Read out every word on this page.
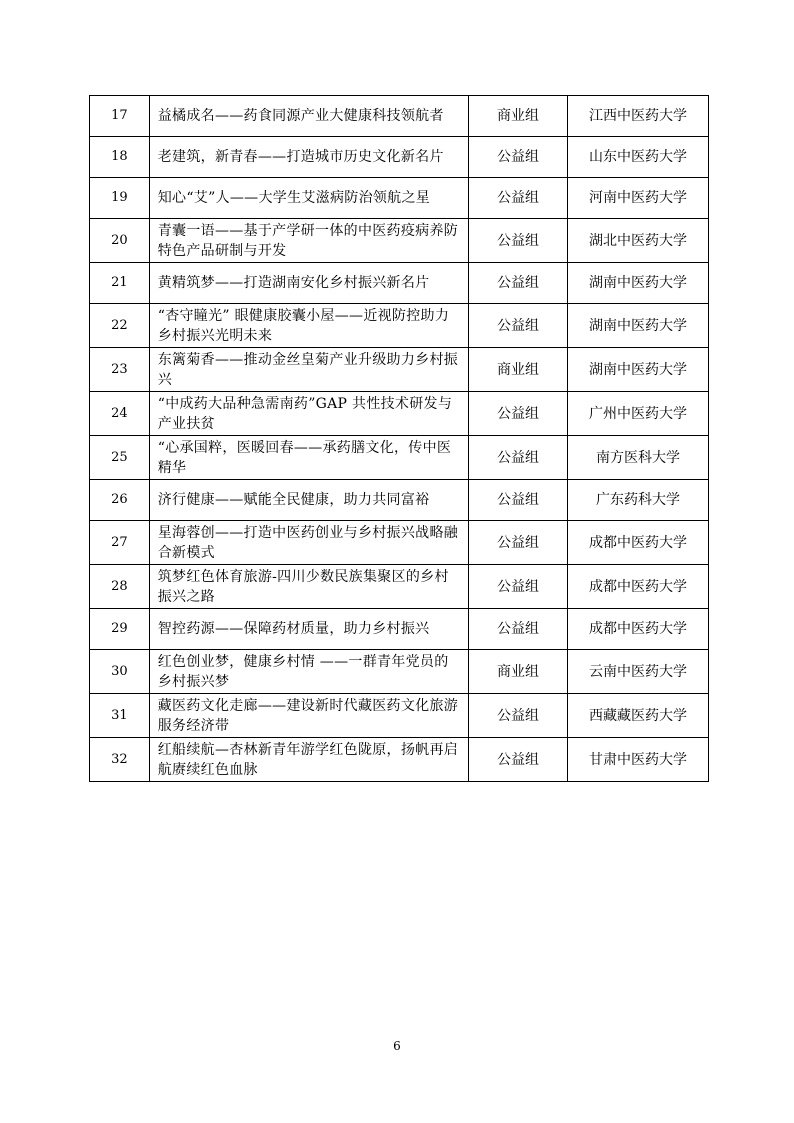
17	益橘成名——药食同源产业大健康科技领航者	商业组	江西中医药大学
18	老建筑，新青春——打造城市历史文化新名片	公益组	山东中医药大学
19	知心“艾”人——大学生艾滋病防治领航之星	公益组	河南中医药大学
20	青囊一语——基于产学研一体的中医药疫病养防特色产品研制与开发	公益组	湖北中医药大学
21	黄精筑梦——打造湖南安化乡村振兴新名片	公益组	湖南中医药大学
22	“杏守瞳光” 眼健康胶囊小屋——近视防控助力乡村振兴光明未来	公益组	湖南中医药大学
23	东篱菊香——推动金丝皇菊产业升级助力乡村振兴	商业组	湖南中医药大学
24	“中成药大品种急需南药”GAP 共性技术研发与产业扶贫	公益组	广州中医药大学
25	“心承国粹，医暖回春——承药膳文化，传中医精华	公益组	南方医科大学
26	济行健康——赋能全民健康，助力共同富裕	公益组	广东药科大学
27	星海蓉创——打造中医药创业与乡村振兴战略融合新模式	公益组	成都中医药大学
28	筑梦红色体育旅游-四川少数民族集聚区的乡村振兴之路	公益组	成都中医药大学
29	智控药源——保障药材质量，助力乡村振兴	公益组	成都中医药大学
30	红色创业梦，健康乡村情 ——一群青年党员的乡村振兴梦	商业组	云南中医药大学
31	藏医药文化走廊——建设新时代藏医药文化旅游服务经济带	公益组	西藏藏医药大学
32	红船续航—杏林新青年游学红色陇原，扬帆再启航赓续红色血脉	公益组	甘肃中医药大学
6
